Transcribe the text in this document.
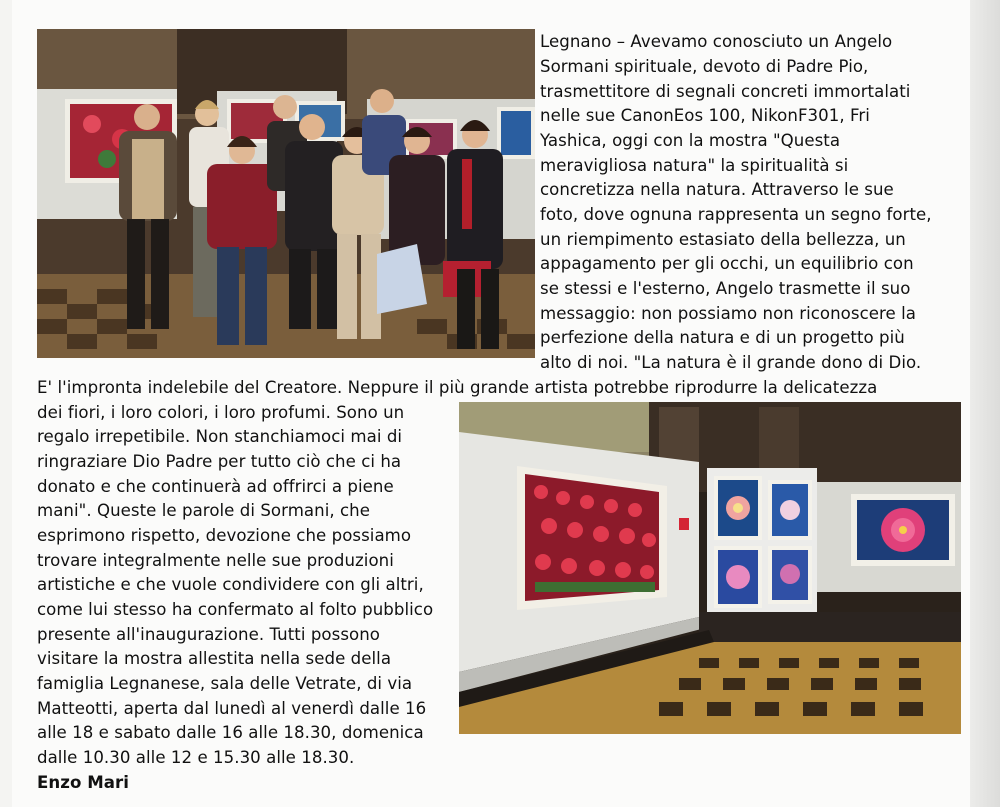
Legnano – Avevamo conosciuto un Angelo
Sormani spirituale, devoto di Padre Pio,
trasmettitore di segnali concreti immortalati
nelle sue CanonEos 100, NikonF301, Fri
Yashica, oggi con la mostra "Questa
meravigliosa natura" la spiritualità si
concretizza nella natura. Attraverso le sue
foto, dove ognuna rappresenta un segno forte,
un riempimento estasiato della bellezza, un
appagamento per gli occhi, un equilibrio con
se stessi e l'esterno, Angelo trasmette il suo
messaggio: non possiamo non riconoscere la
perfezione della natura e di un progetto più
alto di noi. "La natura è il grande dono di Dio.
E' l'impronta indelebile del Creatore. Neppure il più grande artista potrebbe riprodurre la delicatezza
dei fiori, i loro colori, i loro profumi. Sono un
regalo irrepetibile. Non stanchiamoci mai di
ringraziare Dio Padre per tutto ciò che ci ha
donato e che continuerà ad offrirci a piene
mani". Queste le parole di Sormani, che
esprimono rispetto, devozione che possiamo
trovare integralmente nelle sue produzioni
artistiche e che vuole condividere con gli altri,
come lui stesso ha confermato al folto pubblico
presente all'inaugurazione. Tutti possono
visitare la mostra allestita nella sede della
famiglia Legnanese, sala delle Vetrate, di via
Matteotti, aperta dal lunedì al venerdì dalle 16
alle 18 e sabato dalle 16 alle 18.30, domenica
dalle 10.30 alle 12 e 15.30 alle 18.30.
Enzo Mari
